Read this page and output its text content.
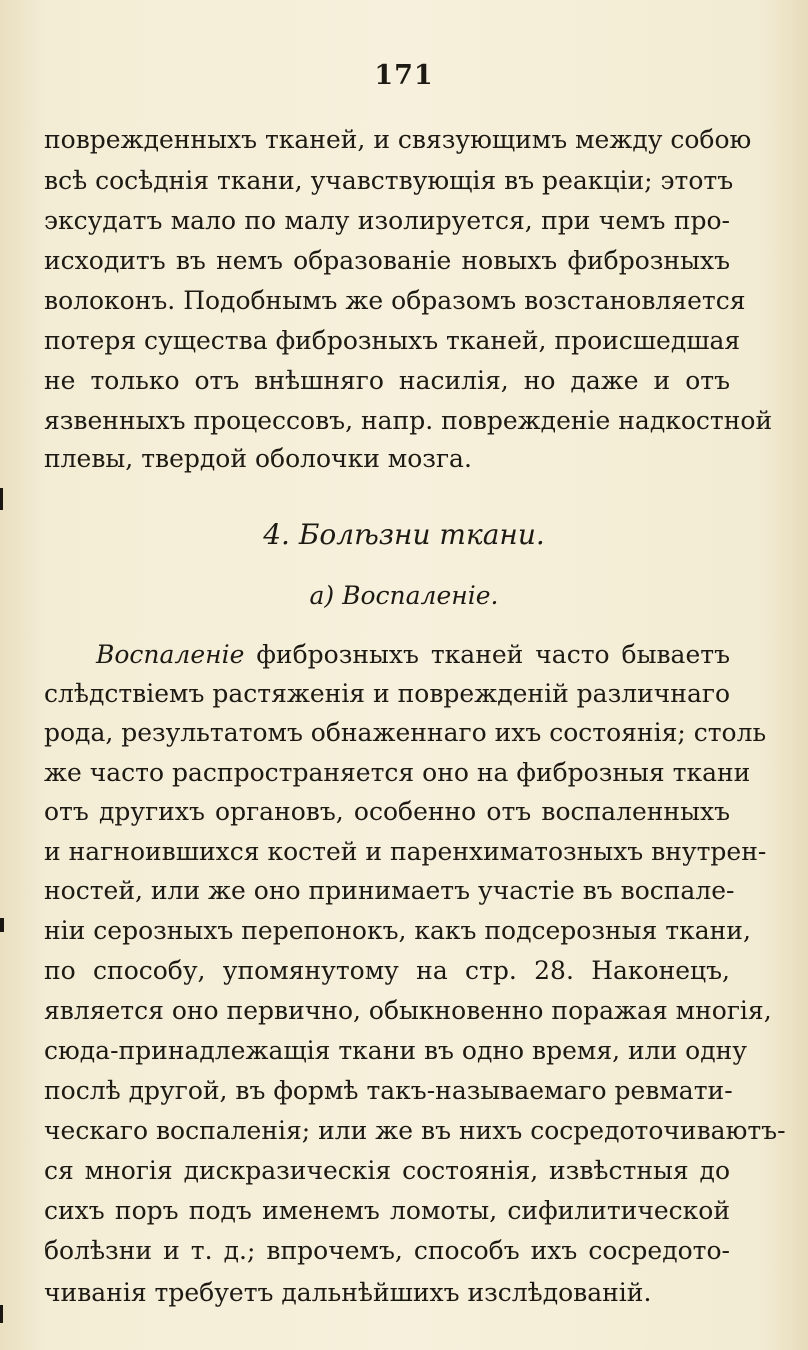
171
поврежденныхъ тканей, и связующимъ между собою
всѣ сосѣднія ткани, учавствующія въ реакціи; этотъ
эксудатъ мало по малу изолируется, при чемъ про-
исходитъ въ немъ образованіе новыхъ фиброзныхъ
волоконъ. Подобнымъ же образомъ возстановляется
потеря существа фиброзныхъ тканей, происшедшая
не только отъ внѣшняго насилія, но даже и отъ
язвенныхъ процессовъ, напр. поврежденіе надкостной
плевы, твердой оболочки мозга.
4. Болѣзни ткани.
а) Воспаленіе.
Воспаленіе фиброзныхъ тканей часто бываетъ
слѣдствіемъ растяженія и поврежденій различнаго
рода, результатомъ обнаженнаго ихъ состоянія; столь
же часто распространяется оно на фиброзныя ткани
отъ другихъ органовъ, особенно отъ воспаленныхъ
и нагноившихся костей и паренхиматозныхъ внутрен-
ностей, или же оно принимаетъ участіе въ воспале-
ніи серозныхъ перепонокъ, какъ подсерозныя ткани,
по способу, упомянутому на стр. 28. Наконецъ,
является оно первично, обыкновенно поражая многія,
сюда-принадлежащія ткани въ одно время, или одну
послѣ другой, въ формѣ такъ-называемаго ревмати-
ческаго воспаленія; или же въ нихъ сосредоточиваютъ-
ся многія дискразическія состоянія, извѣстныя до
сихъ поръ подъ именемъ ломоты, сифилитической
болѣзни и т. д.; впрочемъ, способъ ихъ сосредото-
чиванія требуетъ дальнѣйшихъ изслѣдованій.
